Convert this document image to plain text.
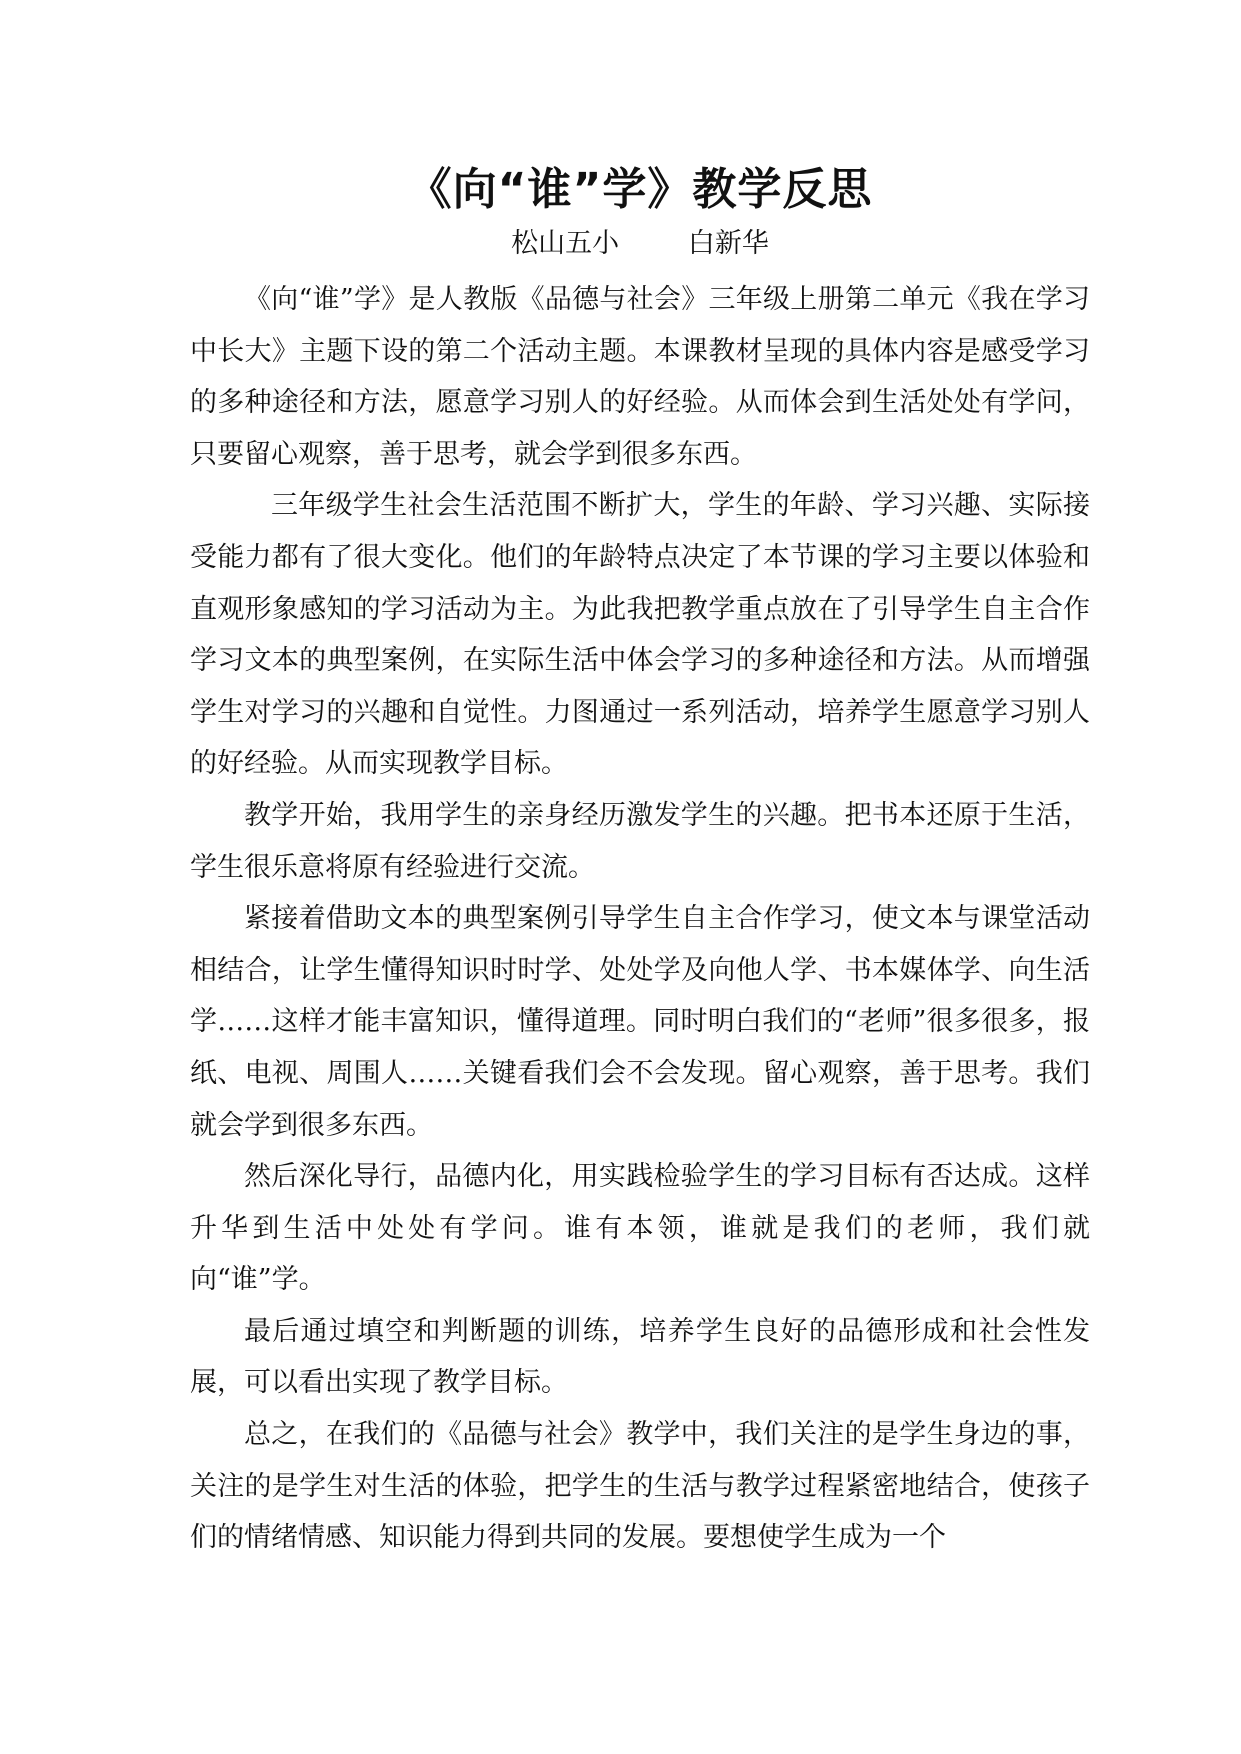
《向“谁”学》教学反思
松山五小        白新华

《向“谁”学》是人教版《品德与社会》三年级上册第二单元《我在学习中长大》主题下设的第二个活动主题。本课教材呈现的具体内容是感受学习的多种途径和方法，愿意学习别人的好经验。从而体会到生活处处有学问，只要留心观察，善于思考，就会学到很多东西。

三年级学生社会生活范围不断扩大，学生的年龄、学习兴趣、实际接受能力都有了很大变化。他们的年龄特点决定了本节课的学习主要以体验和直观形象感知的学习活动为主。为此我把教学重点放在了引导学生自主合作学习文本的典型案例，在实际生活中体会学习的多种途径和方法。从而增强学生对学习的兴趣和自觉性。力图通过一系列活动，培养学生愿意学习别人的好经验。从而实现教学目标。

教学开始，我用学生的亲身经历激发学生的兴趣。把书本还原于生活，学生很乐意将原有经验进行交流。

紧接着借助文本的典型案例引导学生自主合作学习，使文本与课堂活动相结合，让学生懂得知识时时学、处处学及向他人学、书本媒体学、向生活学……这样才能丰富知识，懂得道理。同时明白我们的“老师”很多很多，报纸、电视、周围人……关键看我们会不会发现。留心观察，善于思考。我们就会学到很多东西。

然后深化导行，品德内化，用实践检验学生的学习目标有否达成。这样升华到生活中处处有学问。谁有本领，谁就是我们的老师，我们就向“谁”学。

最后通过填空和判断题的训练，培养学生良好的品德形成和社会性发展，可以看出实现了教学目标。

总之，在我们的《品德与社会》教学中，我们关注的是学生身边的事，关注的是学生对生活的体验，把学生的生活与教学过程紧密地结合，使孩子们的情绪情感、知识能力得到共同的发展。要想使学生成为一个
